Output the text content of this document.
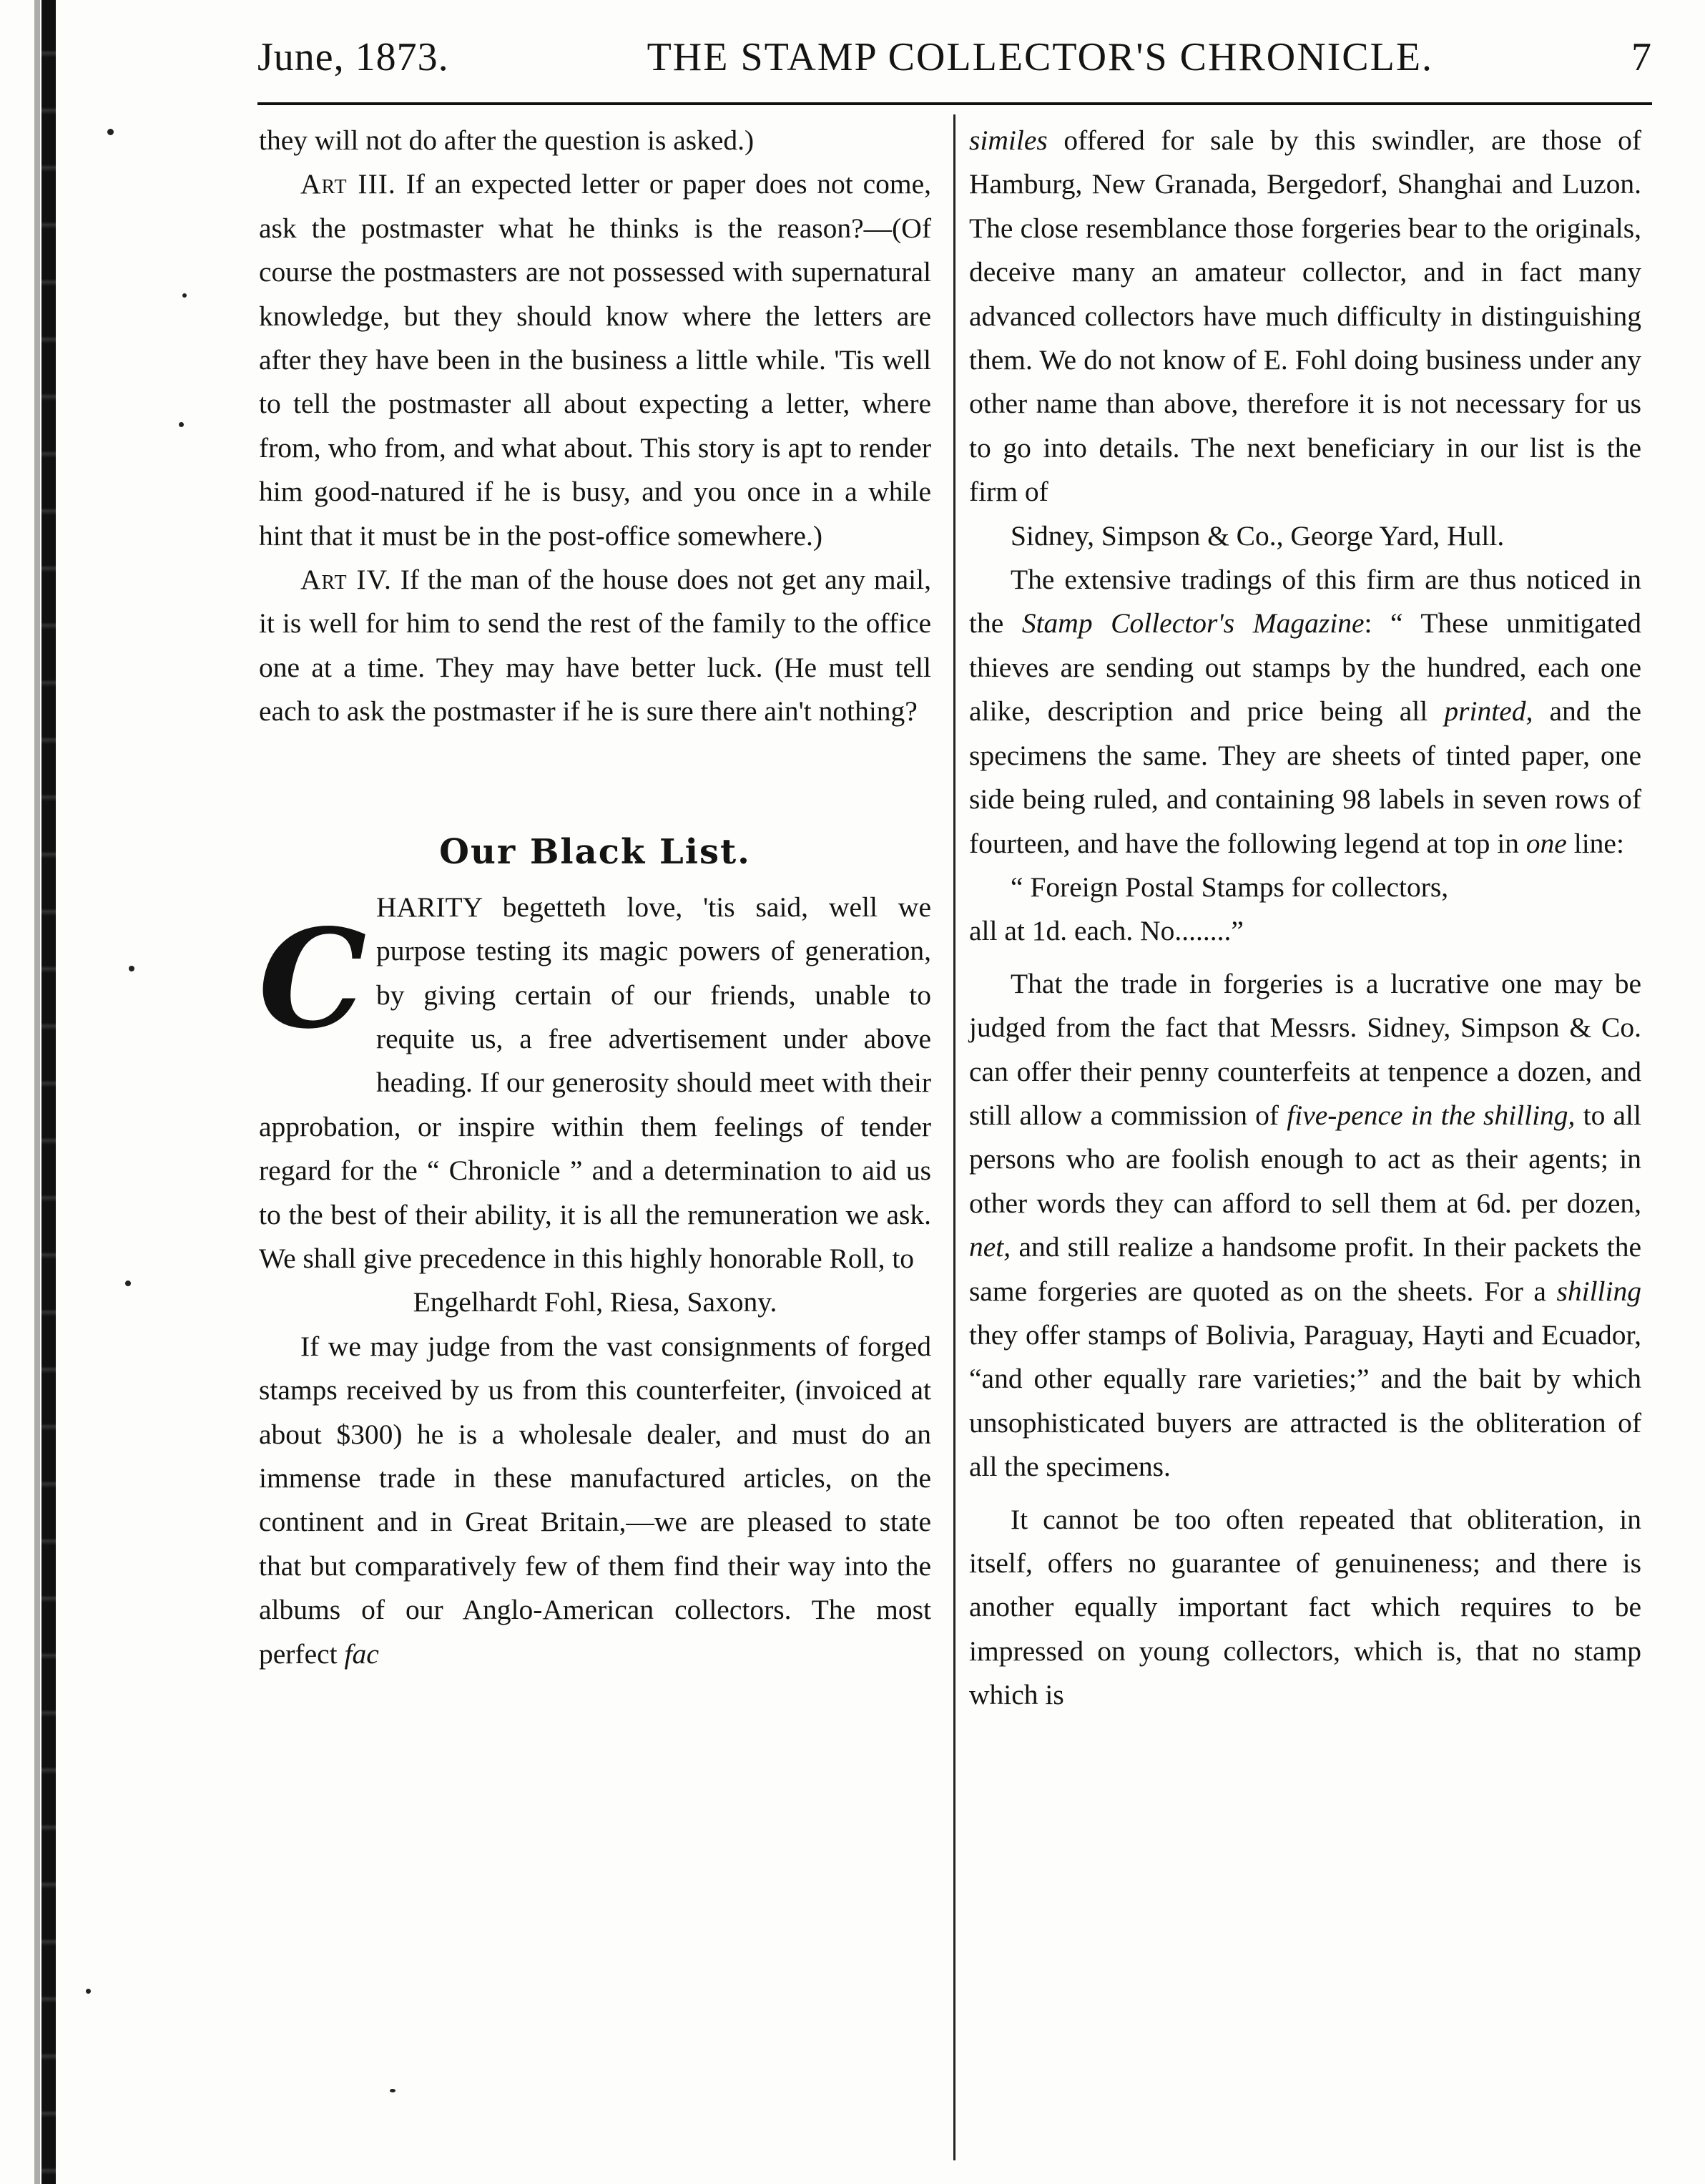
June, 1873.	THE STAMP COLLECTOR'S CHRONICLE.	7

they will not do after the question is asked.)

Art III. If an expected letter or paper does not come, ask the postmaster what he thinks is the reason?—(Of course the postmasters are not possessed with supernatural knowledge, but they should know where the letters are after they have been in the business a little while. 'Tis well to tell the postmaster all about expecting a letter, where from, who from, and what about. This story is apt to render him good-natured if he is busy, and you once in a while hint that it must be in the post-office somewhere.)

Art IV. If the man of the house does not get any mail, it is well for him to send the rest of the family to the office one at a time. They may have better luck. (He must tell each to ask the postmaster if he is sure there ain't nothing?

Our Black List.

C HARITY begetteth love, 'tis said, well we purpose testing its magic powers of generation, by giving certain of our friends, unable to requite us, a free advertisement under above heading. If our generosity should meet with their approbation, or inspire within them feelings of tender regard for the “ Chronicle ” and a determination to aid us to the best of their ability, it is all the remuneration we ask. We shall give precedence in this highly honorable Roll, to

Engelhardt Fohl, Riesa, Saxony.

If we may judge from the vast consignments of forged stamps received by us from this counterfeiter, (invoiced at about $300) he is a wholesale dealer, and must do an immense trade in these manufactured articles, on the continent and in Great Britain,—we are pleased to state that but comparatively few of them find their way into the albums of our Anglo-American collectors. The most perfect fac

similes offered for sale by this swindler, are those of Hamburg, New Granada, Bergedorf, Shanghai and Luzon. The close resemblance those forgeries bear to the originals, deceive many an amateur collector, and in fact many advanced collectors have much difficulty in distinguishing them. We do not know of E. Fohl doing business under any other name than above, therefore it is not necessary for us to go into details. The next beneficiary in our list is the firm of

Sidney, Simpson & Co., George Yard, Hull.

The extensive tradings of this firm are thus noticed in the Stamp Collector's Magazine: “ These unmitigated thieves are sending out stamps by the hundred, each one alike, description and price being all printed, and the specimens the same. They are sheets of tinted paper, one side being ruled, and containing 98 labels in seven rows of fourteen, and have the following legend at top in one line:

“ Foreign Postal Stamps for collectors,

all at 1d. each. No........”

That the trade in forgeries is a lucrative one may be judged from the fact that Messrs. Sidney, Simpson & Co. can offer their penny counterfeits at tenpence a dozen, and still allow a commission of five-pence in the shilling, to all persons who are foolish enough to act as their agents; in other words they can afford to sell them at 6d. per dozen, net, and still realize a handsome profit. In their packets the same forgeries are quoted as on the sheets. For a shilling they offer stamps of Bolivia, Paraguay, Hayti and Ecuador, “and other equally rare varieties;” and the bait by which unsophisticated buyers are attracted is the obliteration of all the specimens.

It cannot be too often repeated that obliteration, in itself, offers no guarantee of genuineness; and there is another equally important fact which requires to be impressed on young collectors, which is, that no stamp which is
